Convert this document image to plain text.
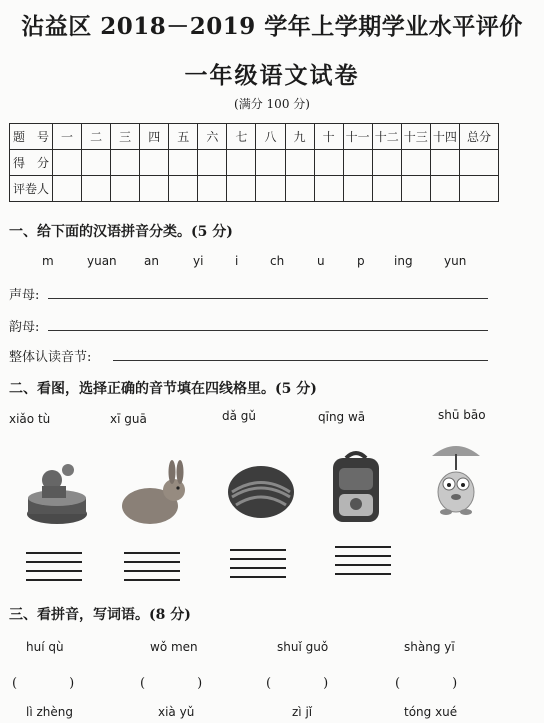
沾益区 2018－2019 学年上学期学业水平评价
一年级语文试卷
(满分 100 分)
题　号	一	二	三	四	五	六	七	八	九	十	十一	十二	十三	十四	总分
得　分															
评卷人															
一、给下面的汉语拼音分类。(5 分)
m	yuan an	yi	i	ch	u	p ing	yun
声母:
韵母:
整体认读音节:
二、看图，选择正确的音节填在四线格里。(5 分)
xiǎo tù	xī guā	dǎ gǔ	qīng wā	shū bāo
三、看拼音，写词语。(8 分)
huí qù	wǒ men	shuǐ guǒ	shàng yī
(　　　　)	(　　　　)	(　　　　)	(　　　　)
lì zhèng	xià yǔ	zì jǐ	tóng xué
